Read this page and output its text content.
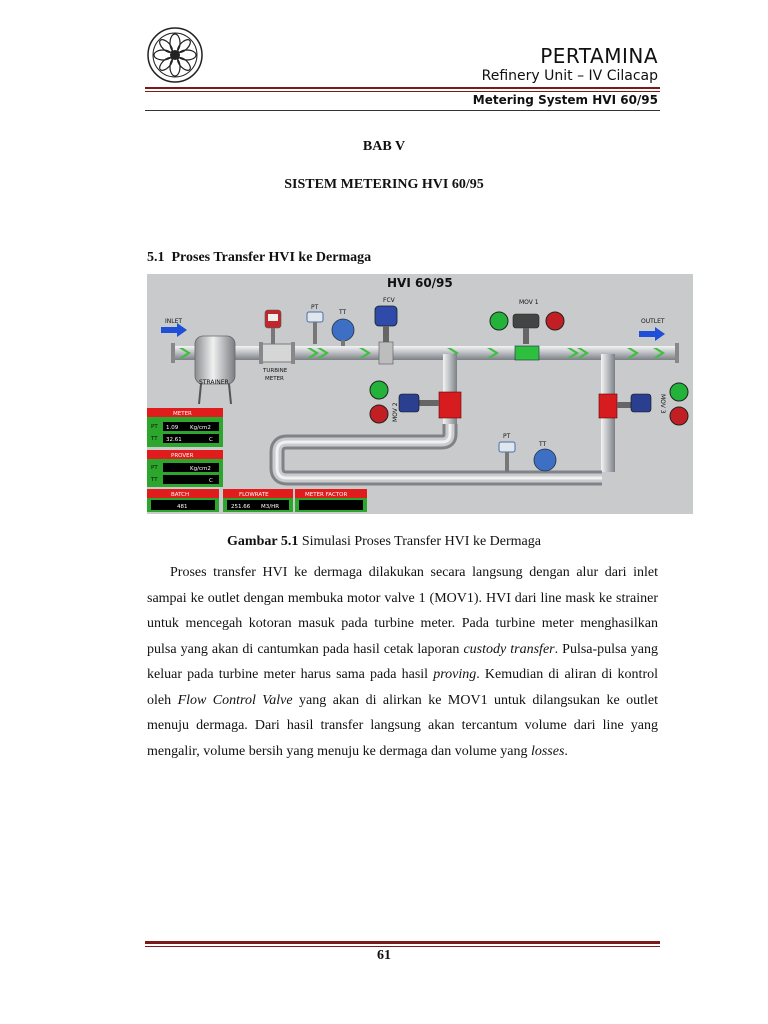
PERTAMINA
Refinery Unit – IV Cilacap
Metering System HVI 60/95
BAB V
SISTEM METERING HVI 60/95
5.1 Proses Transfer HVI ke Dermaga
HVI 60/95
INLET	OUTLET
STRAINER
TURBINE
METER
PT
TT
FCV	MOV 1
MOV 2	MOV 3
PT
TT
METER
PT 1.09 Kg/cm2
TT 32.61	C
PROVER
PT	Kg/cm2
TT	C
BATCH
481
FLOWRATE
251.66 M3/HR
METER FACTOR
Gambar 5.1 Simulasi Proses Transfer HVI ke Dermaga
Proses transfer HVI ke dermaga dilakukan secara langsung dengan alur dari inlet sampai ke outlet dengan membuka motor valve 1 (MOV1). HVI dari line mask ke strainer untuk mencegah kotoran masuk pada turbine meter. Pada turbine meter menghasilkan pulsa yang akan di cantumkan pada hasil cetak laporan custody transfer. Pulsa-pulsa yang keluar pada turbine meter harus sama pada hasil proving. Kemudian di aliran di kontrol oleh Flow Control Valve yang akan di alirkan ke MOV1 untuk dilangsukan ke outlet menuju dermaga. Dari hasil transfer langsung akan tercantum volume dari line yang mengalir, volume bersih yang menuju ke dermaga dan volume yang losses.
61
